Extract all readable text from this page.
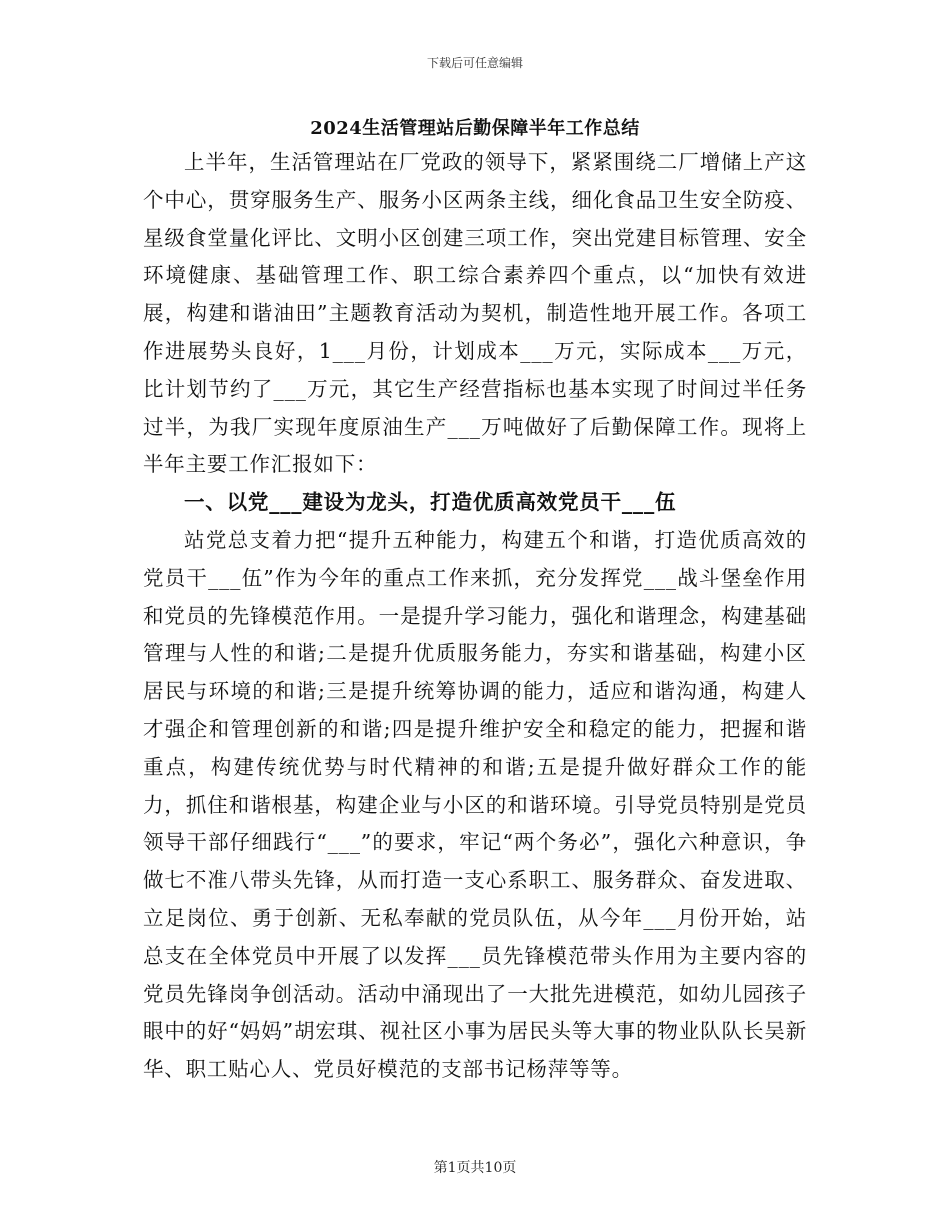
下载后可任意编辑
2024生活管理站后勤保障半年工作总结

上半年，生活管理站在厂党政的领导下，紧紧围绕二厂增储上产这个中心，贯穿服务生产、服务小区两条主线，细化食品卫生安全防疫、星级食堂量化评比、文明小区创建三项工作，突出党建目标管理、安全环境健康、基础管理工作、职工综合素养四个重点，以“加快有效进展，构建和谐油田”主题教育活动为契机，制造性地开展工作。各项工作进展势头良好，1___月份，计划成本___万元，实际成本___万元，比计划节约了___万元，其它生产经营指标也基本实现了时间过半任务过半，为我厂实现年度原油生产___万吨做好了后勤保障工作。现将上半年主要工作汇报如下：

一、以党___建设为龙头，打造优质高效党员干___伍

站党总支着力把“提升五种能力，构建五个和谐，打造优质高效的党员干___伍”作为今年的重点工作来抓，充分发挥党___战斗堡垒作用和党员的先锋模范作用。一是提升学习能力，强化和谐理念，构建基础管理与人性的和谐;二是提升优质服务能力，夯实和谐基础，构建小区居民与环境的和谐;三是提升统筹协调的能力，适应和谐沟通，构建人才强企和管理创新的和谐;四是提升维护安全和稳定的能力，把握和谐重点，构建传统优势与时代精神的和谐;五是提升做好群众工作的能力，抓住和谐根基，构建企业与小区的和谐环境。引导党员特别是党员领导干部仔细践行“___”的要求，牢记“两个务必”，强化六种意识，争做七不准八带头先锋，从而打造一支心系职工、服务群众、奋发进取、立足岗位、勇于创新、无私奉献的党员队伍，从今年___月份开始，站总支在全体党员中开展了以发挥___员先锋模范带头作用为主要内容的党员先锋岗争创活动。活动中涌现出了一大批先进模范，如幼儿园孩子眼中的好“妈妈”胡宏琪、视社区小事为居民头等大事的物业队队长吴新华、职工贴心人、党员好模范的支部书记杨萍等等。

第1页共10页
